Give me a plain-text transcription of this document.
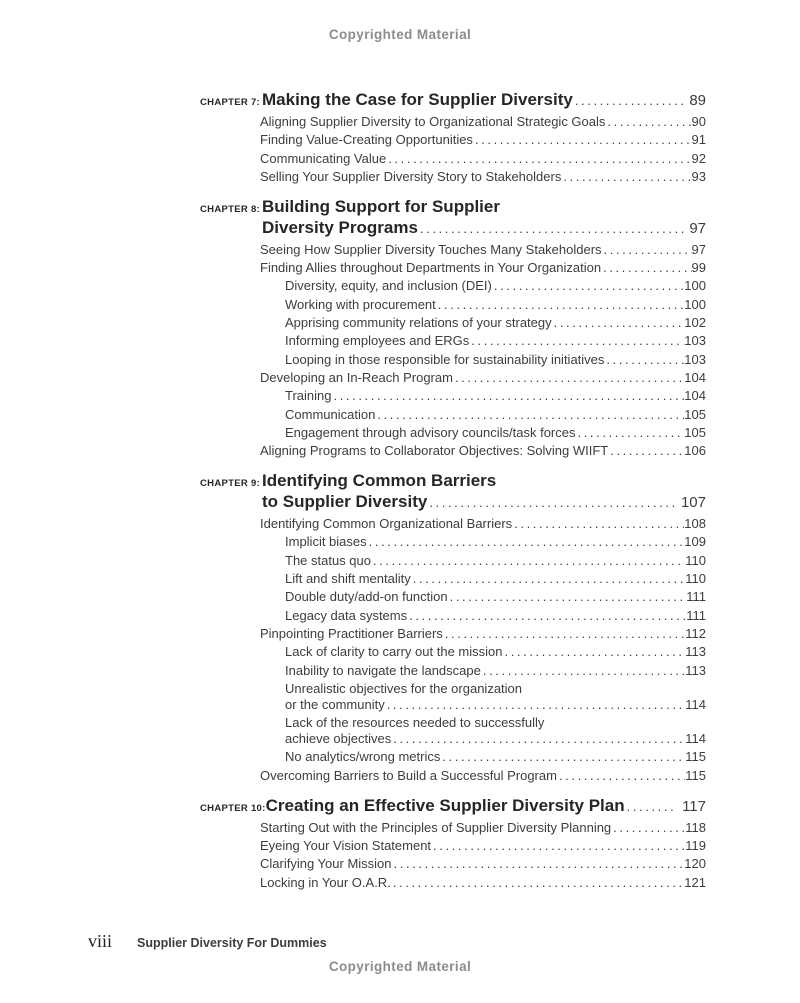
Copyrighted Material
CHAPTER 7: Making the Case for Supplier Diversity .....	89
Aligning Supplier Diversity to Organizational Strategic Goals .....	90
Finding Value-Creating Opportunities .....	91
Communicating Value .....	92
Selling Your Supplier Diversity Story to Stakeholders .....	93
CHAPTER 8: Building Support for Supplier
Diversity Programs .....	97
Seeing How Supplier Diversity Touches Many Stakeholders .....	97
Finding Allies throughout Departments in Your Organization .....	99
Diversity, equity, and inclusion (DEI) .....	100
Working with procurement .....	100
Apprising community relations of your strategy .....	102
Informing employees and ERGs .....	103
Looping in those responsible for sustainability initiatives .....	103
Developing an In-Reach Program .....	104
Training .....	104
Communication .....	105
Engagement through advisory councils/task forces .....	105
Aligning Programs to Collaborator Objectives: Solving WIIFT .....	106
CHAPTER 9: Identifying Common Barriers
to Supplier Diversity .....	107
Identifying Common Organizational Barriers .....	108
Implicit biases .....	109
The status quo .....	110
Lift and shift mentality .....	110
Double duty/add-on function .....	111
Legacy data systems .....	111
Pinpointing Practitioner Barriers .....	112
Lack of clarity to carry out the mission .....	113
Inability to navigate the landscape .....	113
Unrealistic objectives for the organization
or the community .....	114
Lack of the resources needed to successfully
achieve objectives .....	114
No analytics/wrong metrics .....	115
Overcoming Barriers to Build a Successful Program .....	115
CHAPTER 10: Creating an Effective Supplier Diversity Plan .....	117
Starting Out with the Principles of Supplier Diversity Planning .....	118
Eyeing Your Vision Statement .....	119
Clarifying Your Mission .....	120
Locking in Your O.A.R. .....	121
viii Supplier Diversity For Dummies
Copyrighted Material
